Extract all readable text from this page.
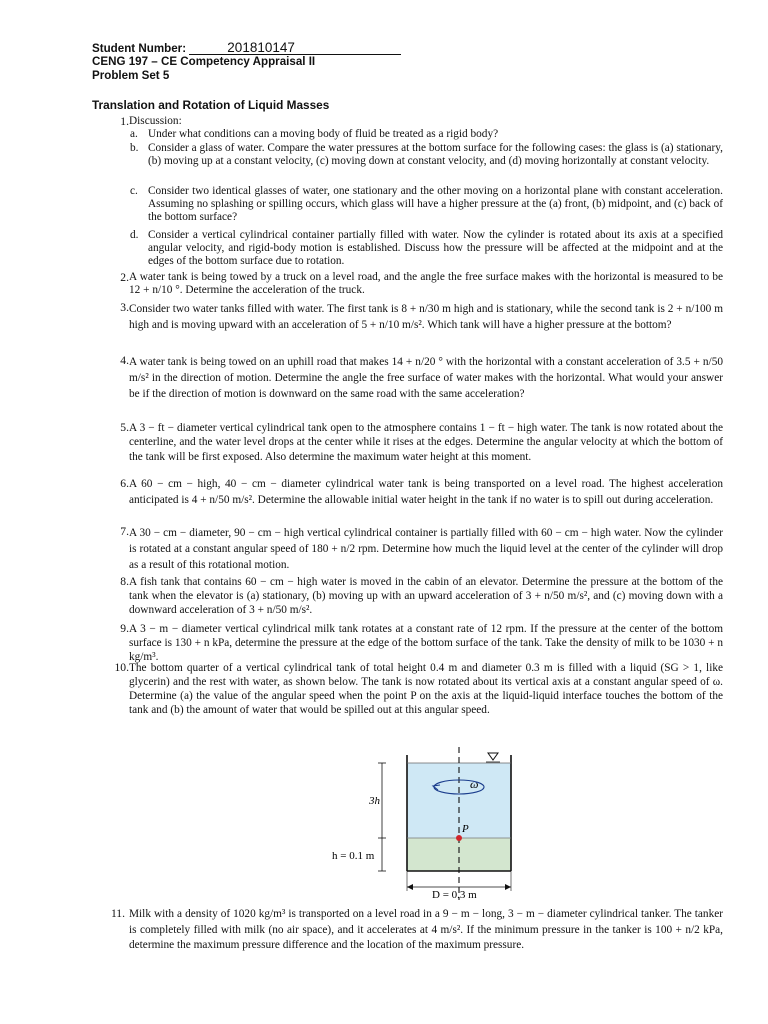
Student Number:	201810147
CENG 197 – CE Competency Appraisal II
Problem Set 5
Translation and Rotation of Liquid Masses
1. Discussion:
a. Under what conditions can a moving body of fluid be treated as a rigid body?
b. Consider a glass of water. Compare the water pressures at the bottom surface for the following cases: the glass is (a) stationary, (b) moving up at a constant velocity, (c) moving down at constant velocity, and (d) moving horizontally at constant velocity.
c. Consider two identical glasses of water, one stationary and the other moving on a horizontal plane with constant acceleration. Assuming no splashing or spilling occurs, which glass will have a higher pressure at the (a) front, (b) midpoint, and (c) back of the bottom surface?
d. Consider a vertical cylindrical container partially filled with water. Now the cylinder is rotated about its axis at a specified angular velocity, and rigid-body motion is established. Discuss how the pressure will be affected at the midpoint and at the edges of the bottom surface due to rotation.
2. A water tank is being towed by a truck on a level road, and the angle the free surface makes with the horizontal is measured to be 12 + n/10 °. Determine the acceleration of the truck.
3. Consider two water tanks filled with water. The first tank is 8 + n/30 m high and is stationary, while the second tank is 2 + n/100 m high and is moving upward with an acceleration of 5 + n/10 m/s². Which tank will have a higher pressure at the bottom?
4. A water tank is being towed on an uphill road that makes 14 + n/20 ° with the horizontal with a constant acceleration of 3.5 + n/50 m/s² in the direction of motion. Determine the angle the free surface of water makes with the horizontal. What would your answer be if the direction of motion is downward on the same road with the same acceleration?
5. A 3 − ft − diameter vertical cylindrical tank open to the atmosphere contains 1 − ft − high water. The tank is now rotated about the centerline, and the water level drops at the center while it rises at the edges. Determine the angular velocity at which the bottom of the tank will be first exposed. Also determine the maximum water height at this moment.
6. A 60 − cm − high, 40 − cm − diameter cylindrical water tank is being transported on a level road. The highest acceleration anticipated is 4 + n/50 m/s². Determine the allowable initial water height in the tank if no water is to spill out during acceleration.
7. A 30 − cm − diameter, 90 − cm − high vertical cylindrical container is partially filled with 60 − cm − high water. Now the cylinder is rotated at a constant angular speed of 180 + n/2 rpm. Determine how much the liquid level at the center of the cylinder will drop as a result of this rotational motion.
8. A fish tank that contains 60 − cm − high water is moved in the cabin of an elevator. Determine the pressure at the bottom of the tank when the elevator is (a) stationary, (b) moving up with an upward acceleration of 3 + n/50 m/s², and (c) moving down with a downward acceleration of 3 + n/50 m/s².
9. A 3 − m − diameter vertical cylindrical milk tank rotates at a constant rate of 12 rpm. If the pressure at the center of the bottom surface is 130 + n kPa, determine the pressure at the edge of the bottom surface of the tank. Take the density of milk to be 1030 + n kg/m³.
10. The bottom quarter of a vertical cylindrical tank of total height 0.4 m and diameter 0.3 m is filled with a liquid (SG > 1, like glycerin) and the rest with water, as shown below. The tank is now rotated about its vertical axis at a constant angular speed of ω. Determine (a) the value of the angular speed when the point P on the axis at the liquid-liquid interface touches the bottom of the tank and (b) the amount of water that would be spilled out at this angular speed.
ω
P
3h
h = 0.1 m
D = 0.3 m
11. Milk with a density of 1020 kg/m³ is transported on a level road in a 9 − m − long, 3 − m − diameter cylindrical tanker. The tanker is completely filled with milk (no air space), and it accelerates at 4 m/s². If the minimum pressure in the tanker is 100 + n/2 kPa, determine the maximum pressure difference and the location of the maximum pressure.
